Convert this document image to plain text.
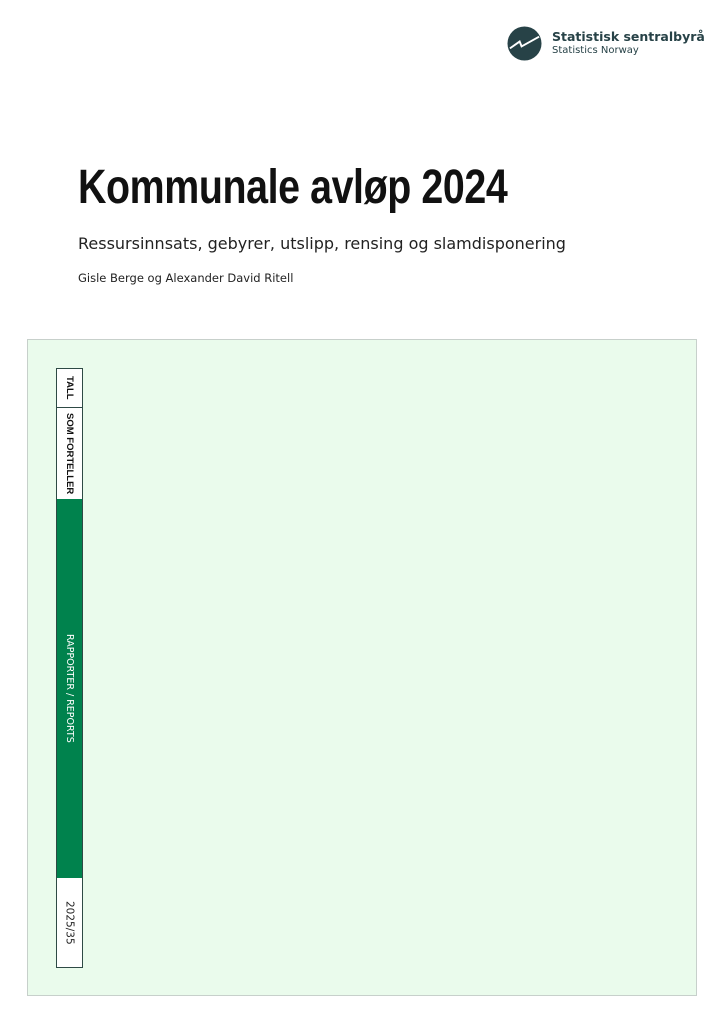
Statistisk sentralbyrå
Statistics Norway
Kommunale avløp 2024
Ressursinnsats, gebyrer, utslipp, rensing og slamdisponering
Gisle Berge og Alexander David Ritell
TALL
SOM FORTELLER
RAPPORTER / REPORTS
2025/35
